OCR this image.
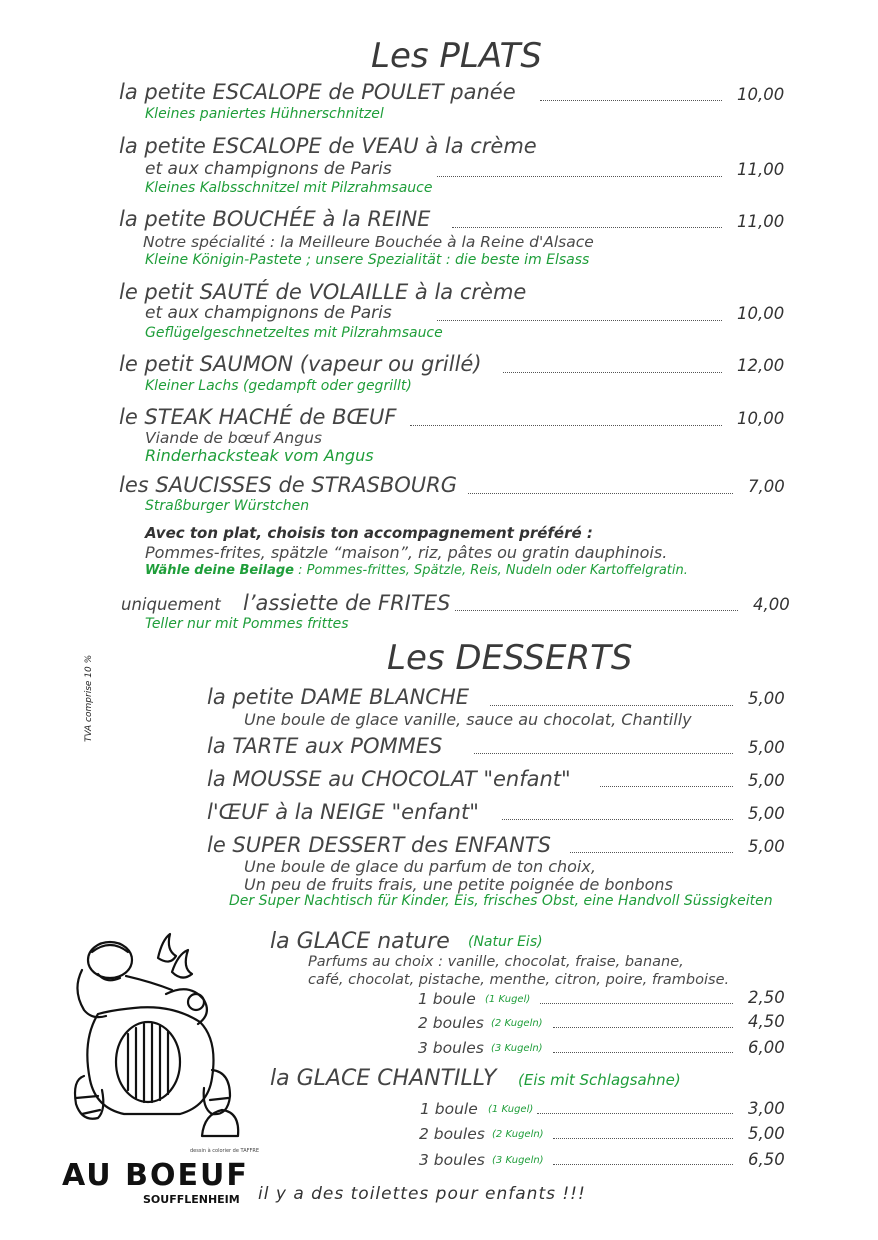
Les PLATS
la petite ESCALOPE de POULET panée	10,00
Kleines paniertes Hühnerschnitzel
la petite ESCALOPE de VEAU à la crème
et aux champignons de Paris	11,00
Kleines Kalbsschnitzel mit Pilzrahmsauce
la petite BOUCHÉE à la REINE	11,00
Notre spécialité : la Meilleure Bouchée à la Reine d'Alsace
Kleine Königin-Pastete ; unsere Spezialität : die beste im Elsass
le petit SAUTÉ de VOLAILLE à la crème
et aux champignons de Paris	10,00
Geflügelgeschnetzeltes mit Pilzrahmsauce
le petit SAUMON (vapeur ou grillé)	12,00
Kleiner Lachs (gedampft oder gegrillt)
le STEAK HACHÉ de BŒUF	10,00
Viande de bœuf Angus
Rinderhacksteak vom Angus
les SAUCISSES de STRASBOURG	7,00
Straßburger Würstchen
Avec ton plat, choisis ton accompagnement préféré :
Pommes-frites, spätzle “maison”, riz, pâtes ou gratin dauphinois.
Wähle deine Beilage : Pommes-frittes, Spätzle, Reis, Nudeln oder Kartoffelgratin.
uniquement l’assiette de FRITES	4,00
Teller nur mit Pommes frittes
Les DESSERTS
la petite DAME BLANCHE	5,00
Une boule de glace vanille, sauce au chocolat, Chantilly
la TARTE aux POMMES	5,00
la MOUSSE au CHOCOLAT "enfant"	5,00
l'ŒUF à la NEIGE "enfant"	5,00
le SUPER DESSERT des ENFANTS	5,00
Une boule de glace du parfum de ton choix,
Un peu de fruits frais, une petite poignée de bonbons
Der Super Nachtisch für Kinder, Eis, frisches Obst, eine Handvoll Süssigkeiten
la GLACE nature (Natur Eis)
Parfums au choix : vanille, chocolat, fraise, banane,
café, chocolat, pistache, menthe, citron, poire, framboise.
1 boule (1 Kugel)	2,50
2 boules (2 Kugeln)	4,50
3 boules (3 Kugeln)	6,00
la GLACE CHANTILLY (Eis mit Schlagsahne)
1 boule (1 Kugel)	3,00
2 boules (2 Kugeln)	5,00
3 boules (3 Kugeln)	6,50
il y a des toilettes pour enfants !!!
TVA comprise 10 %
dessin à colorier de TAFFRE
AU BOEUF
SOUFFLENHEIM
